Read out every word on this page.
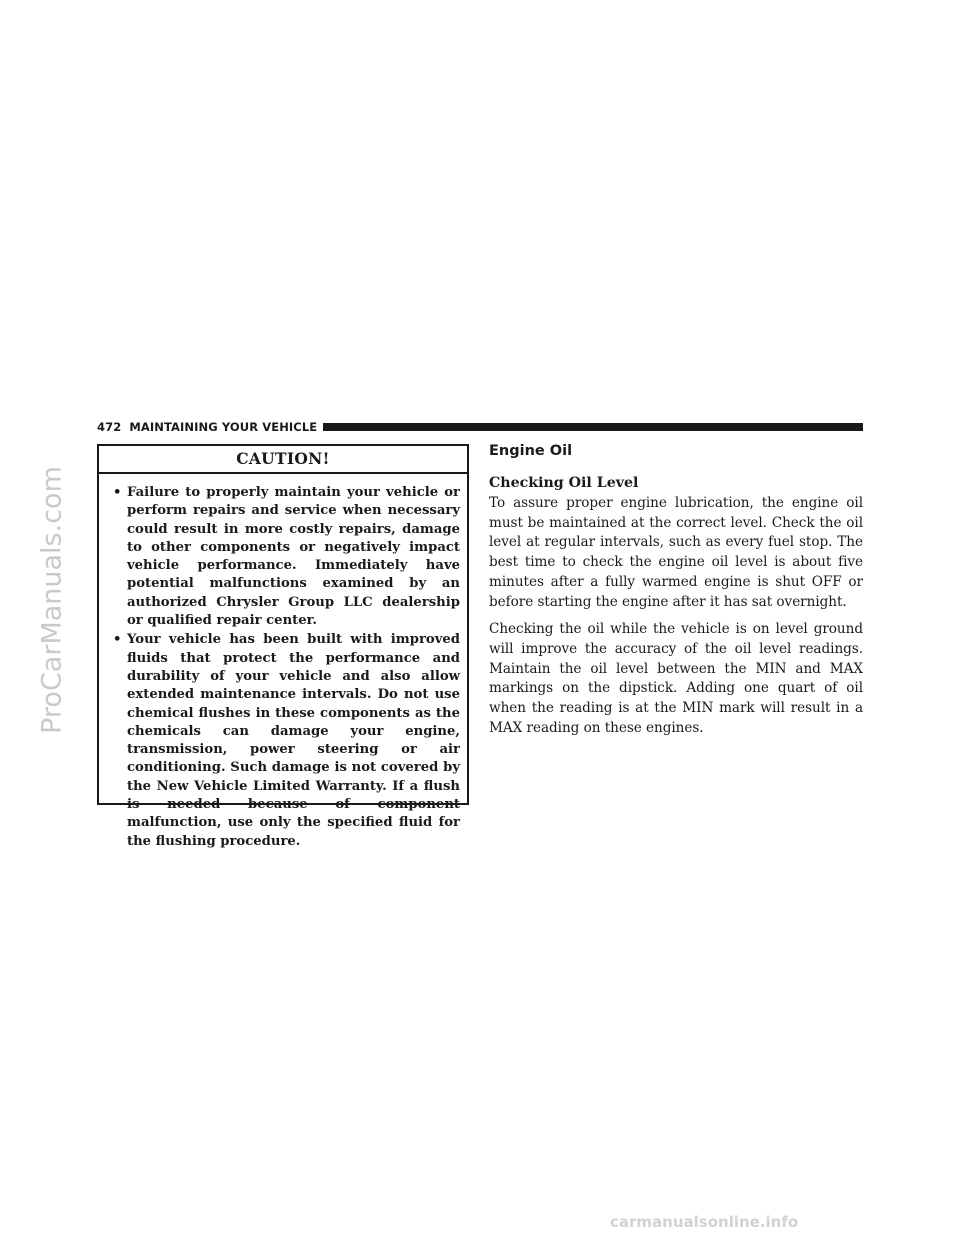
ProCarManuals.com
472 MAINTAINING YOUR VEHICLE
CAUTION!
• Failure to properly maintain your vehicle or perform repairs and service when necessary could result in more costly repairs, damage to other components or negatively impact vehicle performance. Immediately have potential malfunctions examined by an authorized Chrysler Group LLC dealership or qualified repair center.
• Your vehicle has been built with improved fluids that protect the performance and durability of your vehicle and also allow extended maintenance intervals. Do not use chemical flushes in these components as the chemicals can damage your engine, transmission, power steering or air conditioning. Such damage is not covered by the New Vehicle Limited Warranty. If a flush is needed because of component malfunction, use only the specified fluid for the flushing procedure.
Engine Oil
Checking Oil Level

To assure proper engine lubrication, the engine oil must be maintained at the correct level. Check the oil level at regular intervals, such as every fuel stop. The best time to check the engine oil level is about five minutes after a fully warmed engine is shut OFF or before starting the engine after it has sat overnight.

Checking the oil while the vehicle is on level ground will improve the accuracy of the oil level readings. Maintain the oil level between the MIN and MAX markings on the dipstick. Adding one quart of oil when the reading is at the MIN mark will result in a MAX reading on these engines.

carmanualsonline.info
